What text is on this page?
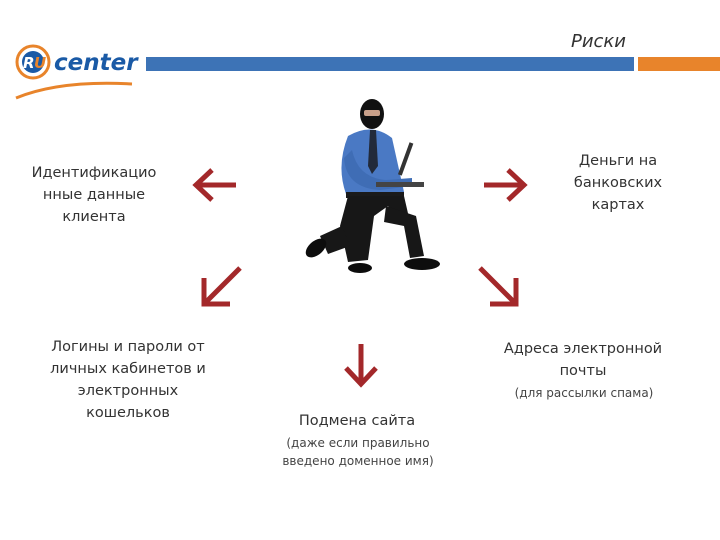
Риски
R U center
Идентификацио нные данные клиента
Деньги на банковских картах
Логины и пароли от личных кабинетов и электронных кошельков
Адреса электронной почты
(для рассылки спама)
Подмена сайта
(даже если правильно введено доменное имя)
